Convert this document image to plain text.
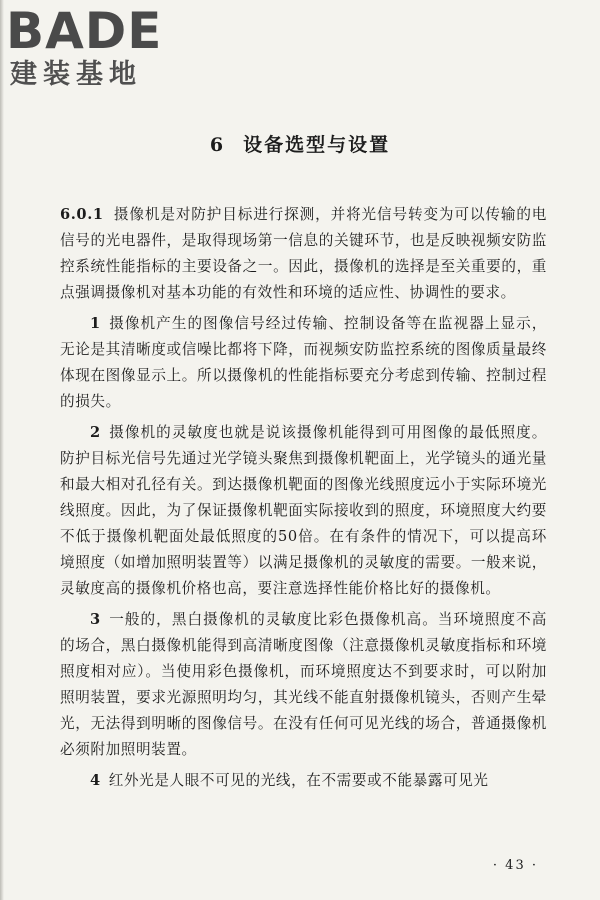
BADE
建装基地
6 设备选型与设置

6.0.1 摄像机是对防护目标进行探测，并将光信号转变为可以传输的电信号的光电器件，是取得现场第一信息的关键环节，也是反映视频安防监控系统性能指标的主要设备之一。因此，摄像机的选择是至关重要的，重点强调摄像机对基本功能的有效性和环境的适应性、协调性的要求。

1 摄像机产生的图像信号经过传输、控制设备等在监视器上显示，无论是其清晰度或信噪比都将下降，而视频安防监控系统的图像质量最终体现在图像显示上。所以摄像机的性能指标要充分考虑到传输、控制过程的损失。

2 摄像机的灵敏度也就是说该摄像机能得到可用图像的最低照度。防护目标光信号先通过光学镜头聚焦到摄像机靶面上，光学镜头的通光量和最大相对孔径有关。到达摄像机靶面的图像光线照度远小于实际环境光线照度。因此，为了保证摄像机靶面实际接收到的照度，环境照度大约要不低于摄像机靶面处最低照度的50倍。在有条件的情况下，可以提高环境照度（如增加照明装置等）以满足摄像机的灵敏度的需要。一般来说，灵敏度高的摄像机价格也高，要注意选择性能价格比好的摄像机。

3 一般的，黑白摄像机的灵敏度比彩色摄像机高。当环境照度不高的场合，黑白摄像机能得到高清晰度图像（注意摄像机灵敏度指标和环境照度相对应）。当使用彩色摄像机，而环境照度达不到要求时，可以附加照明装置，要求光源照明均匀，其光线不能直射摄像机镜头，否则产生晕光，无法得到明晰的图像信号。在没有任何可见光线的场合，普通摄像机必须附加照明装置。

4 红外光是人眼不可见的光线，在不需要或不能暴露可见光

· 43 ·
